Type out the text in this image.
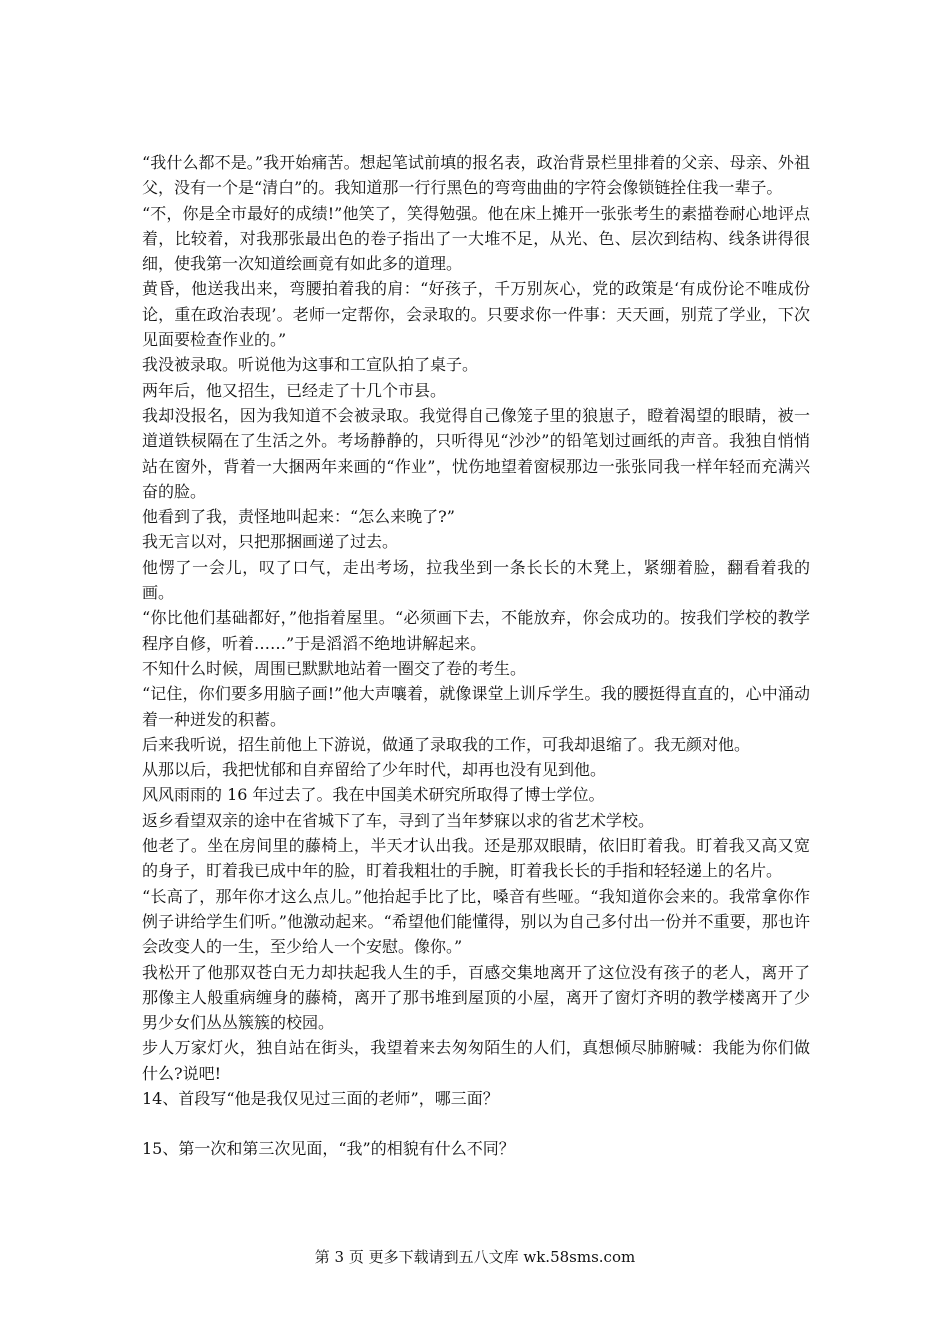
“我什么都不是。”我开始痛苦。想起笔试前填的报名表，政治背景栏里排着的父亲、母亲、外祖父，没有一个是“清白”的。我知道那一行行黑色的弯弯曲曲的字符会像锁链拴住我一辈子。

“不，你是全市最好的成绩!”他笑了，笑得勉强。他在床上摊开一张张考生的素描卷耐心地评点着，比较着，对我那张最出色的卷子指出了一大堆不足，从光、色、层次到结构、线条讲得很细，使我第一次知道绘画竟有如此多的道理。

黄昏，他送我出来，弯腰拍着我的肩：“好孩子，千万别灰心，党的政策是‘有成份论不唯成份论，重在政治表现’。老师一定帮你，会录取的。只要求你一件事：天天画，别荒了学业，下次见面要检查作业的。”

我没被录取。听说他为这事和工宣队拍了桌子。

两年后，他又招生，已经走了十几个市县。

我却没报名，因为我知道不会被录取。我觉得自己像笼子里的狼崽子，瞪着渴望的眼睛，被一道道铁棂隔在了生活之外。考场静静的，只听得见“沙沙”的铅笔划过画纸的声音。我独自悄悄站在窗外，背着一大捆两年来画的“作业”，忧伤地望着窗棂那边一张张同我一样年轻而充满兴奋的脸。

他看到了我，责怪地叫起来：“怎么来晚了?”

我无言以对，只把那捆画递了过去。

他愣了一会儿，叹了口气，走出考场，拉我坐到一条长长的木凳上，紧绷着脸，翻看着我的画。

“你比他们基础都好，”他指着屋里。“必须画下去，不能放弃，你会成功的。按我们学校的教学程序自修，听着……”于是滔滔不绝地讲解起来。

不知什么时候，周围已默默地站着一圈交了卷的考生。

“记住，你们要多用脑子画!”他大声嚷着，就像课堂上训斥学生。我的腰挺得直直的，心中涌动着一种迸发的积蓄。

后来我听说，招生前他上下游说，做通了录取我的工作，可我却退缩了。我无颜对他。

从那以后，我把忧郁和自弃留给了少年时代，却再也没有见到他。

风风雨雨的 16 年过去了。我在中国美术研究所取得了博士学位。

返乡看望双亲的途中在省城下了车，寻到了当年梦寐以求的省艺术学校。

他老了。坐在房间里的藤椅上，半天才认出我。还是那双眼睛，依旧盯着我。盯着我又高又宽的身子，盯着我已成中年的脸，盯着我粗壮的手腕，盯着我长长的手指和轻轻递上的名片。

“长高了，那年你才这么点儿。”他抬起手比了比，嗓音有些哑。“我知道你会来的。我常拿你作例子讲给学生们听。”他激动起来。“希望他们能懂得，别以为自己多付出一份并不重要，那也许会改变人的一生，至少给人一个安慰。像你。”

我松开了他那双苍白无力却扶起我人生的手，百感交集地离开了这位没有孩子的老人，离开了那像主人般重病缠身的藤椅，离开了那书堆到屋顶的小屋，离开了窗灯齐明的教学楼离开了少男少女们丛丛簇簇的校园。

步人万家灯火，独自站在街头，我望着来去匆匆陌生的人们，真想倾尽肺腑喊：我能为你们做什么?说吧!

14、首段写“他是我仅见过三面的老师”，哪三面？

15、第一次和第三次见面，“我”的相貌有什么不同？

第 3 页 更多下载请到五八文库 wk.58sms.com
